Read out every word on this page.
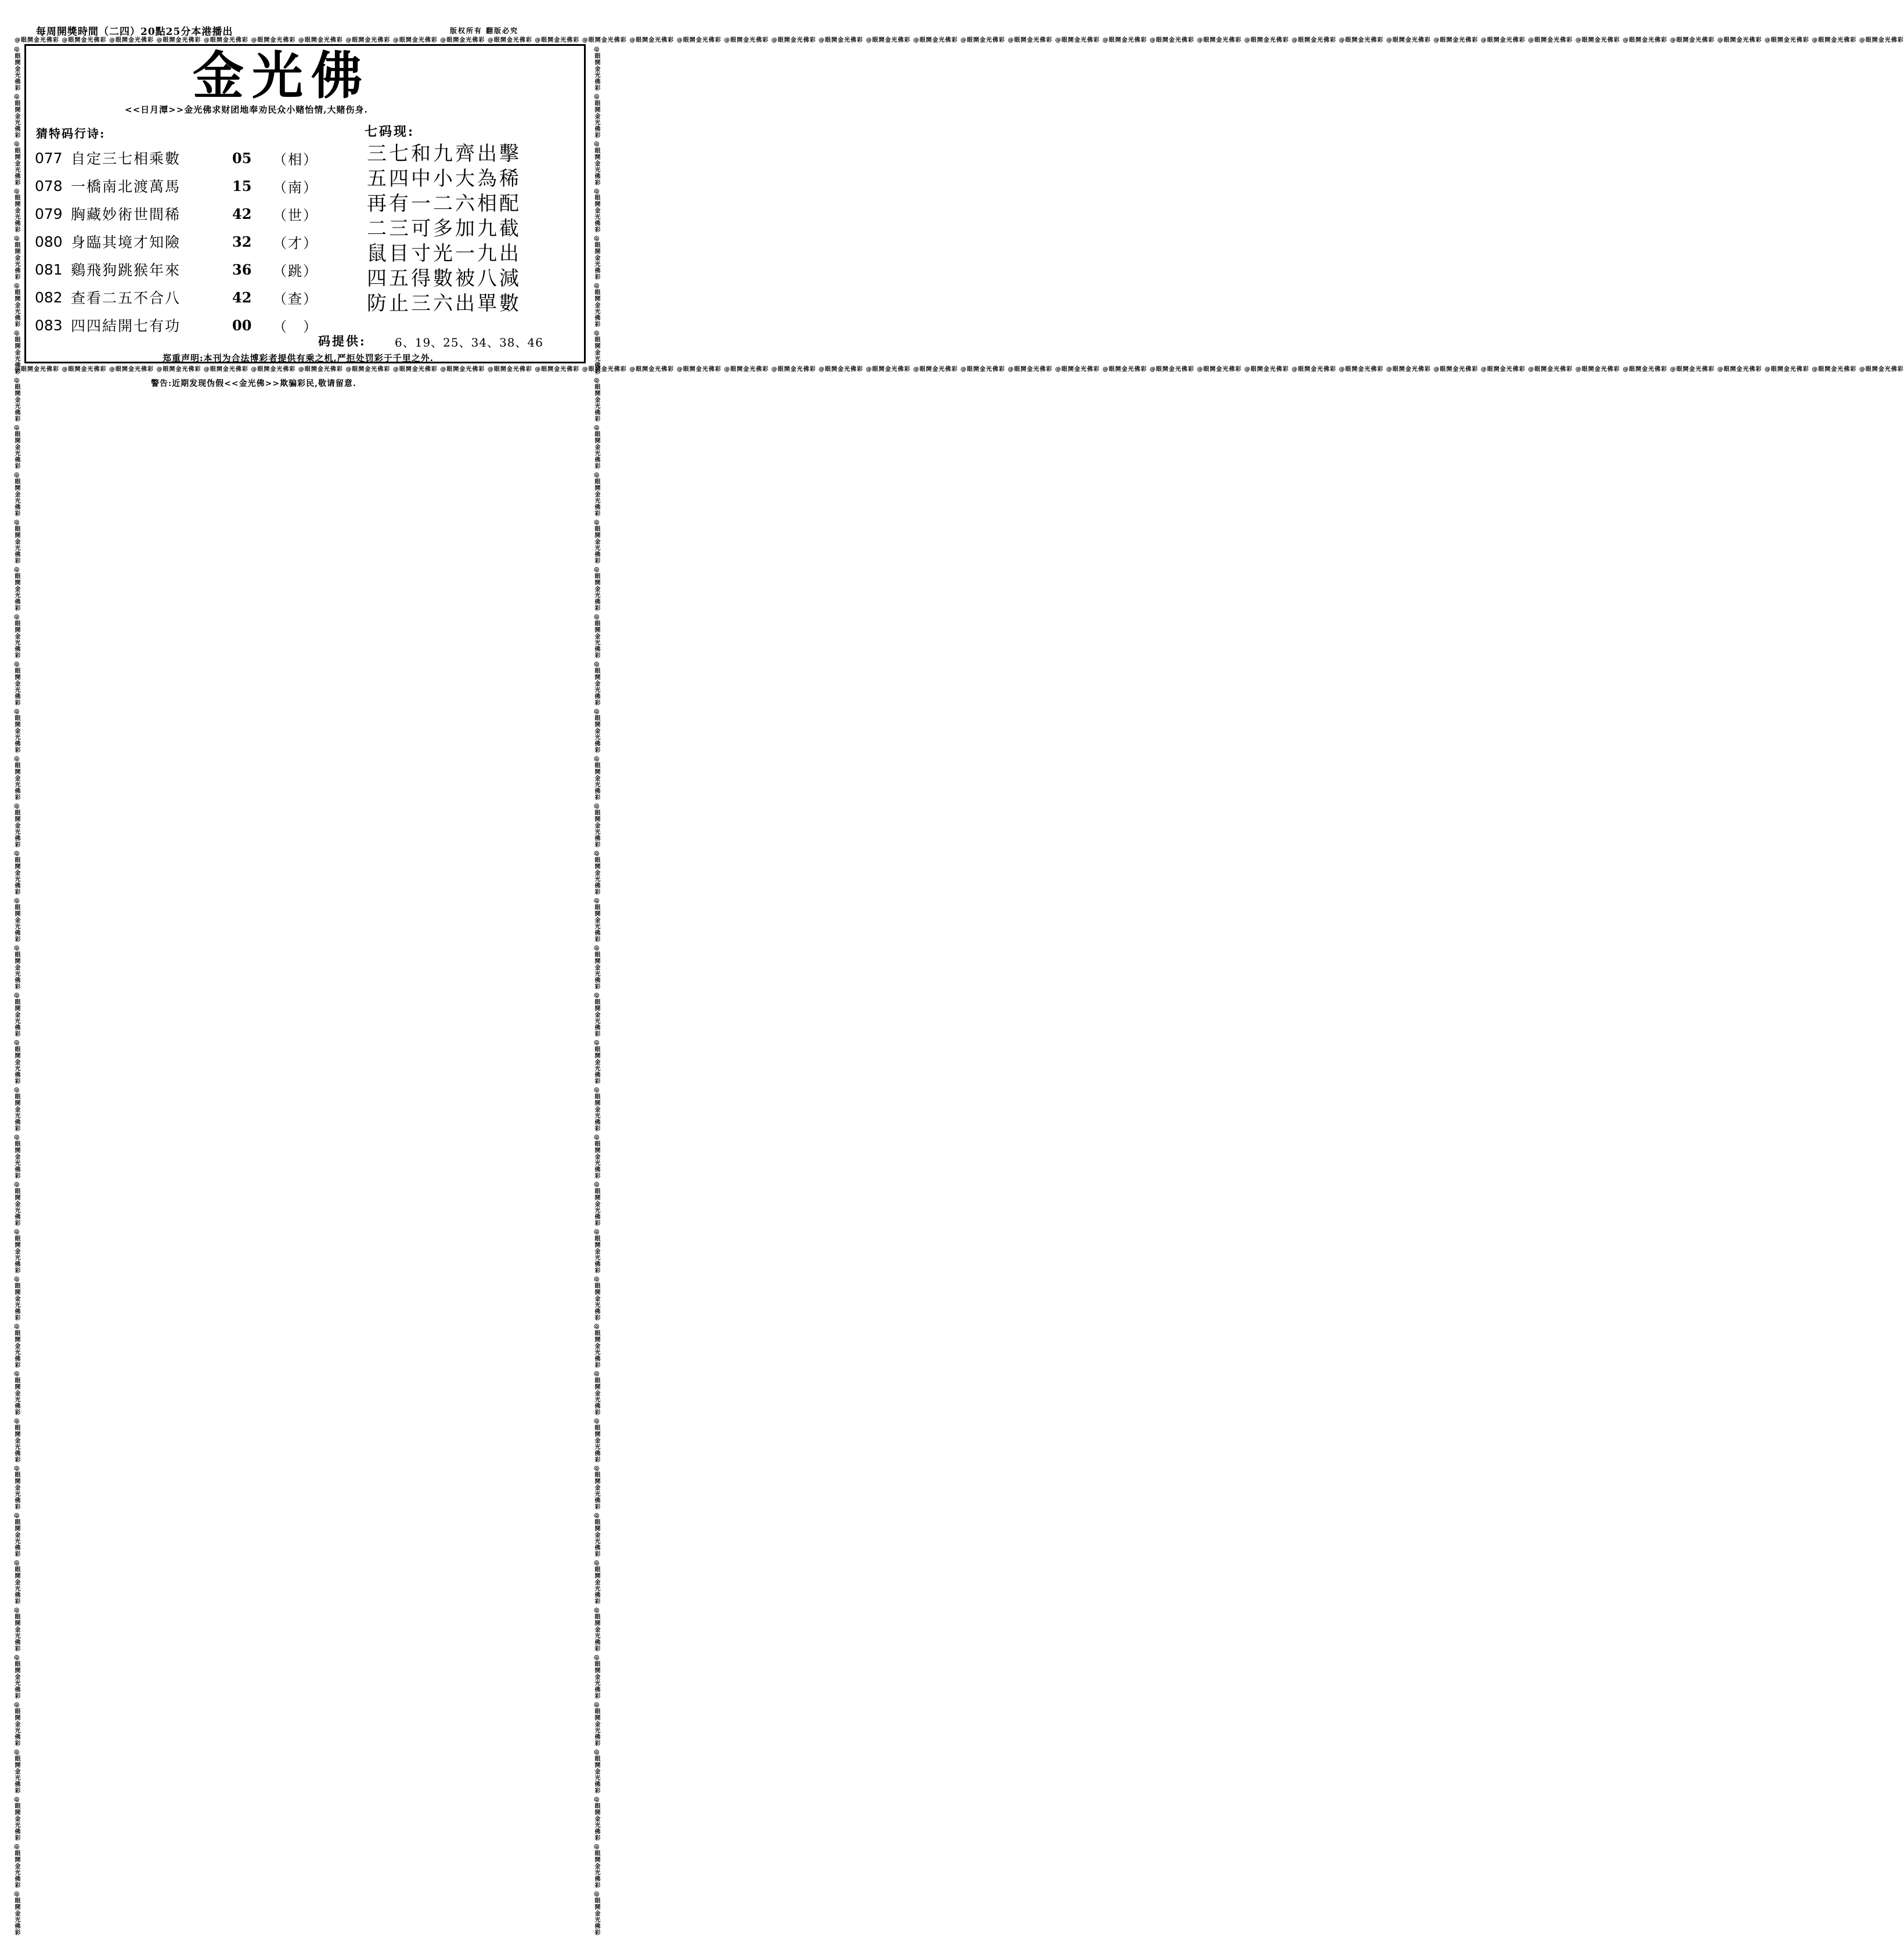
每周開獎時間（二四）20點25分本港播出	版权所有 翻版必究
@眼開金光佛彩 @眼開金光佛彩 @眼開金光佛彩 @眼開金光佛彩 @眼開金光佛彩 @眼開金光佛彩 @眼開金光佛彩 @眼開金光佛彩 @眼開金光佛彩 @眼開金光佛彩 @眼開金光佛彩 @眼開金光佛彩 @眼開金光佛彩 @眼開金光佛彩 @眼開金光佛彩 @眼開金光佛彩 @眼開金光佛彩 @眼開金光佛彩 @眼開金光佛彩 @眼開金光佛彩 @眼開金光佛彩 @眼開金光佛彩 @眼開金光佛彩 @眼開金光佛彩 @眼開金光佛彩 @眼開金光佛彩 @眼開金光佛彩 @眼開金光佛彩 @眼開金光佛彩 @眼開金光佛彩 @眼開金光佛彩 @眼開金光佛彩 @眼開金光佛彩 @眼開金光佛彩 @眼開金光佛彩 @眼開金光佛彩 @眼開金光佛彩 @眼開金光佛彩 @眼開金光佛彩 @眼開金光佛彩
@眼開金光佛彩 @眼開金光佛彩 @眼開金光佛彩 @眼開金光佛彩 @眼開金光佛彩 @眼開金光佛彩 @眼開金光佛彩 @眼開金光佛彩 @眼開金光佛彩 @眼開金光佛彩 @眼開金光佛彩 @眼開金光佛彩 @眼開金光佛彩 @眼開金光佛彩 @眼開金光佛彩 @眼開金光佛彩 @眼開金光佛彩 @眼開金光佛彩 @眼開金光佛彩 @眼開金光佛彩 @眼開金光佛彩 @眼開金光佛彩 @眼開金光佛彩 @眼開金光佛彩 @眼開金光佛彩 @眼開金光佛彩 @眼開金光佛彩 @眼開金光佛彩 @眼開金光佛彩 @眼開金光佛彩 @眼開金光佛彩 @眼開金光佛彩 @眼開金光佛彩 @眼開金光佛彩 @眼開金光佛彩 @眼開金光佛彩 @眼開金光佛彩 @眼開金光佛彩 @眼開金光佛彩 @眼開金光佛彩
@眼開金光佛彩 @眼開金光佛彩 @眼開金光佛彩 @眼開金光佛彩 @眼開金光佛彩 @眼開金光佛彩 @眼開金光佛彩 @眼開金光佛彩 @眼開金光佛彩 @眼開金光佛彩 @眼開金光佛彩 @眼開金光佛彩 @眼開金光佛彩 @眼開金光佛彩 @眼開金光佛彩 @眼開金光佛彩 @眼開金光佛彩 @眼開金光佛彩 @眼開金光佛彩 @眼開金光佛彩 @眼開金光佛彩 @眼開金光佛彩 @眼開金光佛彩 @眼開金光佛彩 @眼開金光佛彩 @眼開金光佛彩 @眼開金光佛彩 @眼開金光佛彩 @眼開金光佛彩 @眼開金光佛彩 @眼開金光佛彩 @眼開金光佛彩 @眼開金光佛彩 @眼開金光佛彩 @眼開金光佛彩 @眼開金光佛彩 @眼開金光佛彩 @眼開金光佛彩 @眼開金光佛彩 @眼開金光佛彩	@眼開金光佛彩 @眼開金光佛彩 @眼開金光佛彩 @眼開金光佛彩 @眼開金光佛彩 @眼開金光佛彩 @眼開金光佛彩 @眼開金光佛彩 @眼開金光佛彩 @眼開金光佛彩 @眼開金光佛彩 @眼開金光佛彩 @眼開金光佛彩 @眼開金光佛彩 @眼開金光佛彩 @眼開金光佛彩 @眼開金光佛彩 @眼開金光佛彩 @眼開金光佛彩 @眼開金光佛彩 @眼開金光佛彩 @眼開金光佛彩 @眼開金光佛彩 @眼開金光佛彩 @眼開金光佛彩 @眼開金光佛彩 @眼開金光佛彩 @眼開金光佛彩 @眼開金光佛彩 @眼開金光佛彩 @眼開金光佛彩 @眼開金光佛彩 @眼開金光佛彩 @眼開金光佛彩 @眼開金光佛彩 @眼開金光佛彩 @眼開金光佛彩 @眼開金光佛彩 @眼開金光佛彩 @眼開金光佛彩
金光佛
<<日月潭>>金光佛求财团地奉劝民众小赌怡情,大赌伤身.
猜特码行诗:
077 自定三七相乘數	05	（相）
078 一橋南北渡萬馬	15	（南）
079 胸藏妙術世間稀	42	（世）
080 身臨其境才知險	32	（才）
081 鷄飛狗跳猴年來	36	（跳）
082 查看二五不合八	42	（查）
083 四四結開七有功	00	（　）
七码现:
三七和九齊出擊
五四中小大為稀
再有一二六相配
二三可多加九截
鼠目寸光一九出
四五得數被八減
防止三六出單數
码提供: 6、19、25、34、38、46
郑重声明:本刊为合法博彩者提供有乘之机,严拒处罚彩于千里之外.
警告:近期发现伪假<<金光佛>>欺骗彩民,敬请留意.
